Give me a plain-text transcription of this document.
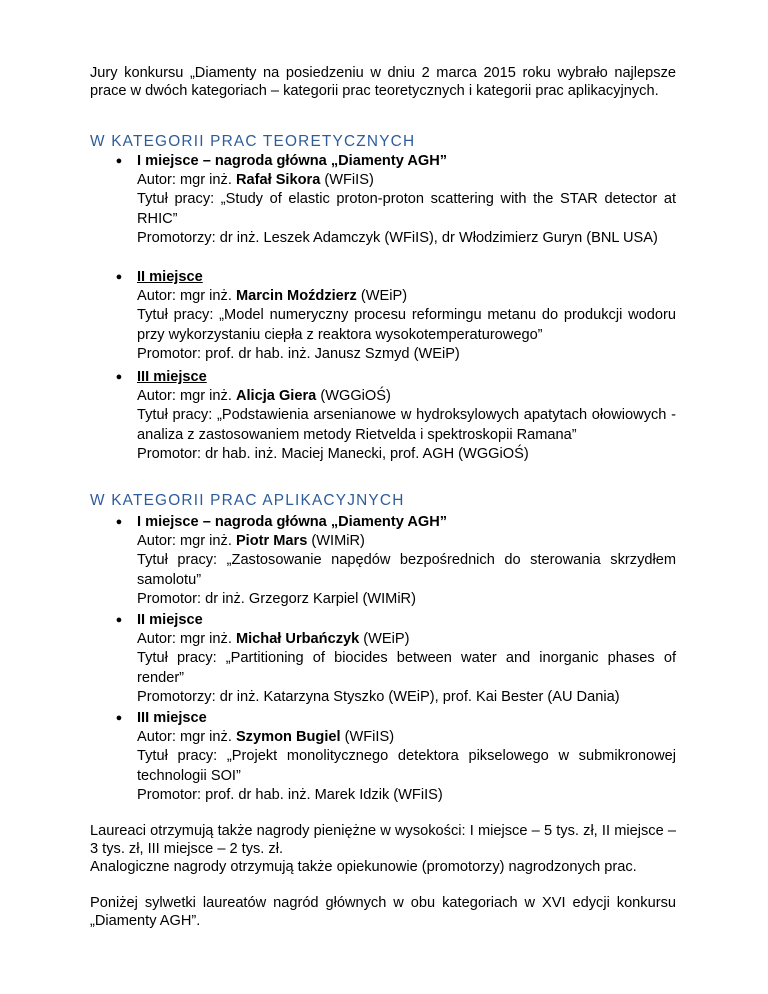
Jury konkursu „Diamenty na posiedzeniu w dniu 2 marca 2015 roku wybrało najlepsze prace w dwóch kategoriach – kategorii prac teoretycznych i kategorii prac aplikacyjnych.

W KATEGORII PRAC TEORETYCZNYCH
● I miejsce – nagroda główna „Diamenty AGH”
Autor: mgr inż. Rafał Sikora (WFiIS)
Tytuł pracy: „Study of elastic proton-proton scattering with the STAR detector at RHIC”
Promotorzy: dr inż. Leszek Adamczyk (WFiIS), dr Włodzimierz Guryn (BNL USA)
● II miejsce
Autor: mgr inż. Marcin Moździerz (WEiP)
Tytuł pracy: „Model numeryczny procesu reformingu metanu do produkcji wodoru przy wykorzystaniu ciepła z reaktora wysokotemperaturowego”
Promotor: prof. dr hab. inż. Janusz Szmyd (WEiP)
● III miejsce
Autor: mgr inż. Alicja Giera (WGGiOŚ)
Tytuł pracy: „Podstawienia arsenianowe w hydroksylowych apatytach ołowiowych - analiza z zastosowaniem metody Rietvelda i spektroskopii Ramana”
Promotor: dr hab. inż. Maciej Manecki, prof. AGH (WGGiOŚ)
W KATEGORII PRAC APLIKACYJNYCH
● I miejsce – nagroda główna „Diamenty AGH”
Autor: mgr inż. Piotr Mars (WIMiR)
Tytuł pracy: „Zastosowanie napędów bezpośrednich do sterowania skrzydłem samolotu”
Promotor: dr inż. Grzegorz Karpiel (WIMiR)
● II miejsce
Autor: mgr inż. Michał Urbańczyk (WEiP)
Tytuł pracy: „Partitioning of biocides between water and inorganic phases of render”
Promotorzy: dr inż. Katarzyna Styszko (WEiP), prof. Kai Bester (AU Dania)
● III miejsce
Autor: mgr inż. Szymon Bugiel (WFiIS)
Tytuł pracy: „Projekt monolitycznego detektora pikselowego w submikronowej technologii SOI”
Promotor: prof. dr hab. inż. Marek Idzik (WFiIS)

Laureaci otrzymują także nagrody pieniężne w wysokości: I miejsce – 5 tys. zł, II miejsce – 3 tys. zł, III miejsce – 2 tys. zł.

Analogiczne nagrody otrzymują także opiekunowie (promotorzy) nagrodzonych prac.

Poniżej sylwetki laureatów nagród głównych w obu kategoriach w XVI edycji konkursu „Diamenty AGH”.
